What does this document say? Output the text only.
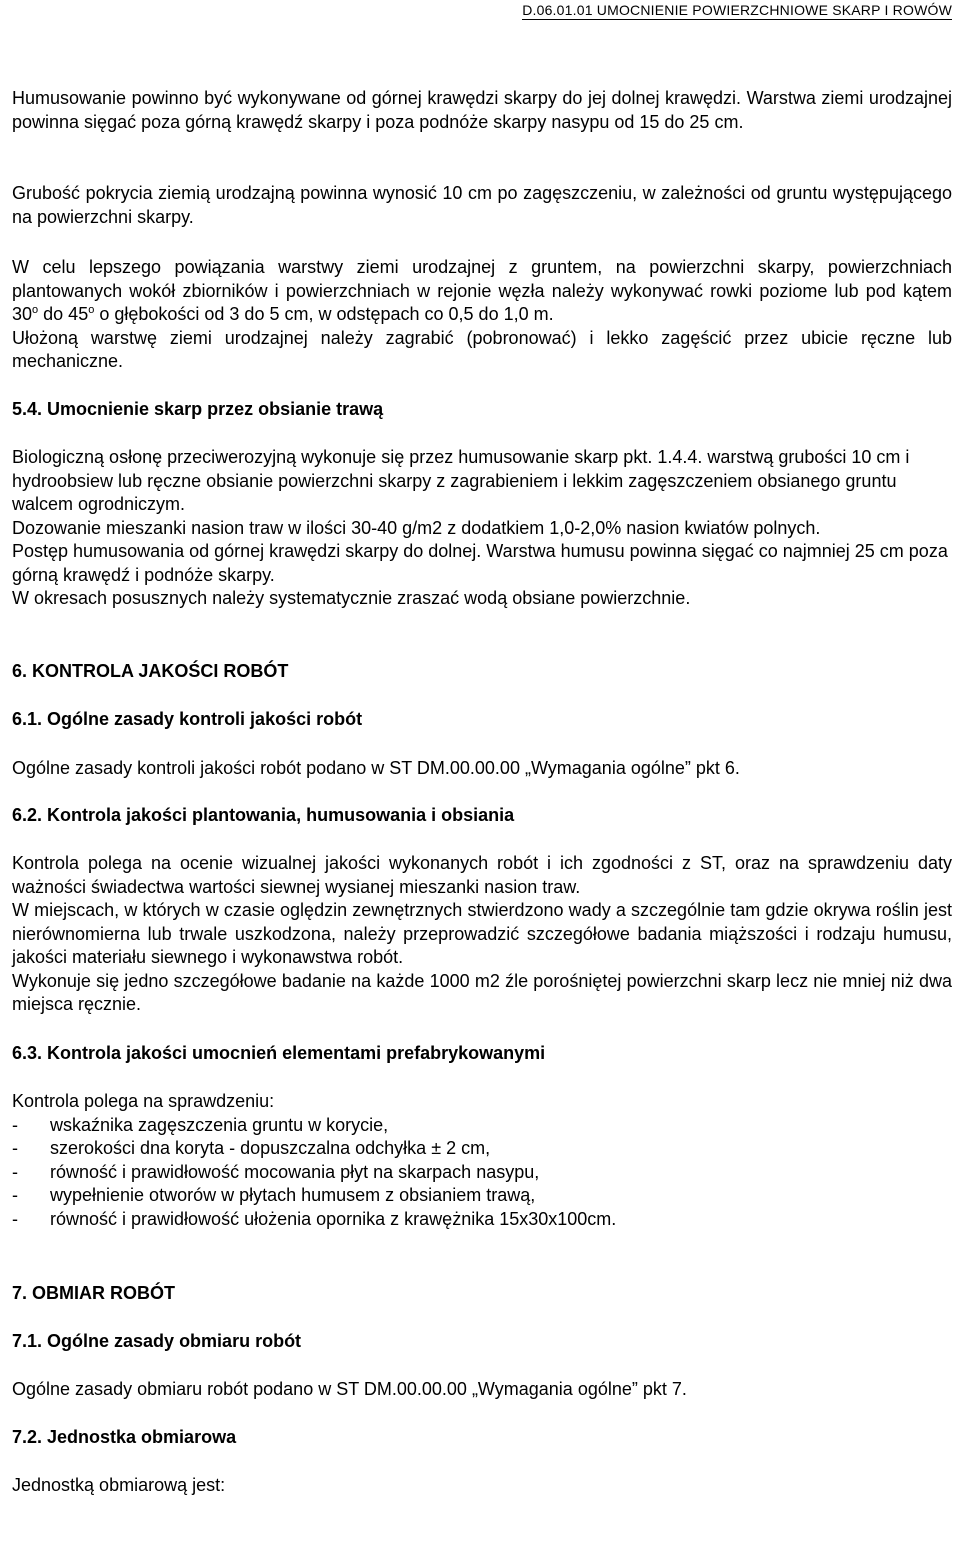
D.06.01.01 UMOCNIENIE POWIERZCHNIOWE SKARP I ROWÓW
Humusowanie powinno być wykonywane od górnej krawędzi skarpy do jej dolnej krawędzi. Warstwa ziemi urodzajnej powinna sięgać poza górną krawędź skarpy i poza podnóże skarpy nasypu od 15 do 25 cm.
Grubość pokrycia ziemią urodzajną powinna wynosić 10 cm po zagęszczeniu, w zależności od gruntu występującego na powierzchni skarpy.
W celu lepszego powiązania warstwy ziemi urodzajnej z gruntem, na powierzchni skarpy, powierzchniach plantowanych wokół zbiorników i powierzchniach w rejonie węzła należy wykonywać rowki poziome lub pod kątem 30$^o$ do 45$^o$ o głębokości od 3 do 5 cm, w odstępach co 0,5 do 1,0 m.
Ułożoną warstwę ziemi urodzajnej należy zagrabić (pobronować) i lekko zagęścić przez ubicie ręczne lub mechaniczne.
5.4. Umocnienie skarp przez obsianie trawą
Biologiczną osłonę przeciwerozyjną wykonuje się przez humusowanie skarp pkt. 1.4.4. warstwą grubości 10 cm i hydroobsiew lub ręczne obsianie powierzchni skarpy z zagrabieniem i lekkim zagęszczeniem obsianego gruntu walcem ogrodniczym.
Dozowanie mieszanki nasion traw w ilości 30-40 g/m2 z dodatkiem 1,0-2,0% nasion kwiatów polnych.
Postęp humusowania od górnej krawędzi skarpy do dolnej. Warstwa humusu powinna sięgać co najmniej 25 cm poza górną krawędź i podnóże skarpy.
W okresach posusznych należy systematycznie zraszać wodą obsiane powierzchnie.
6. KONTROLA JAKOŚCI ROBÓT
6.1. Ogólne zasady kontroli jakości robót
Ogólne zasady kontroli jakości robót podano w ST DM.00.00.00 „Wymagania ogólne” pkt 6.
6.2. Kontrola jakości plantowania, humusowania i obsiania
Kontrola polega na ocenie wizualnej jakości wykonanych robót i ich zgodności z ST, oraz na sprawdzeniu daty ważności świadectwa wartości siewnej wysianej mieszanki nasion traw.
W miejscach, w których w czasie oględzin zewnętrznych stwierdzono wady a szczególnie tam gdzie okrywa roślin jest nierównomierna lub trwale uszkodzona, należy przeprowadzić szczegółowe badania miąższości i rodzaju humusu, jakości materiału siewnego i wykonawstwa robót.
Wykonuje się jedno szczegółowe badanie na każde 1000 m2 źle porośniętej powierzchni skarp lecz nie mniej niż dwa miejsca ręcznie.
6.3. Kontrola jakości umocnień elementami prefabrykowanymi
Kontrola polega na sprawdzeniu:
-	wskaźnika zagęszczenia gruntu w korycie,
-	szerokości dna koryta - dopuszczalna odchyłka ± 2 cm,
-	równość i prawidłowość mocowania płyt na skarpach nasypu,
-	wypełnienie otworów w płytach humusem z obsianiem trawą,
-	równość i prawidłowość ułożenia opornika z krawężnika 15x30x100cm.
7. OBMIAR ROBÓT
7.1. Ogólne zasady obmiaru robót
Ogólne zasady obmiaru robót podano w ST DM.00.00.00 „Wymagania ogólne” pkt 7.
7.2. Jednostka obmiarowa
Jednostką obmiarową jest:
